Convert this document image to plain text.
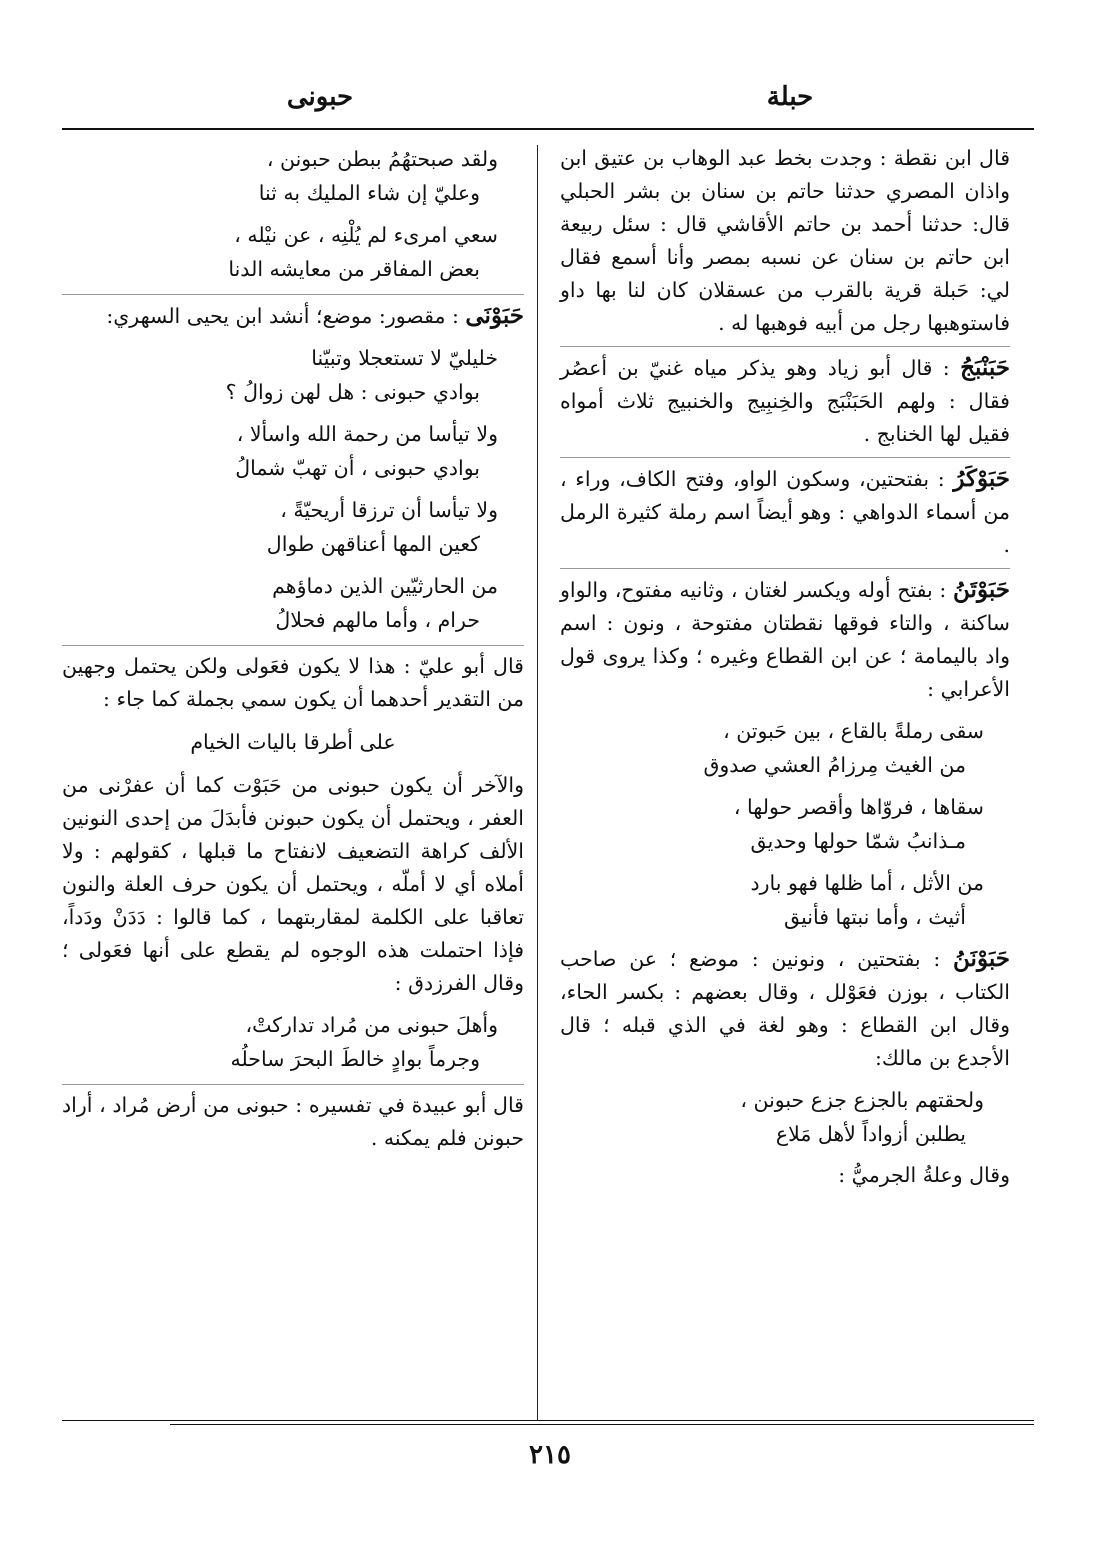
حبلة
حبونى

قال ابن نقطة : وجدت بخط عبد الوهاب بن عتيق ابن واذان المصري حدثنا حاتم بن سنان بن بشر الحبلي قال: حدثنا أحمد بن حاتم الأقاشي قال : سئل ربيعة ابن حاتم بن سنان عن نسبه بمصر وأنا أسمع فقال لي: حَبلة قرية بالقرب من عسقلان كان لنا بها داو فاستوهبها رجل من أبيه فوهبها له .

حَبَنْبَجُ : قال أبو زياد وهو يذكر مياه غنيّ بن أعصُر فقال : ولهم الحَبَنْبَج والخِنبِيج والخنبيج ثلاث أمواه فقيل لها الخنابج .

حَبَوْكَرُ : بفتحتين، وسكون الواو، وفتح الكاف، وراء ، من أسماء الدواهي : وهو أيضاً اسم رملة كثيرة الرمل .

حَبَوْتَنُ : بفتح أوله ويكسر لغتان ، وثانيه مفتوح، والواو ساكنة ، والتاء فوقها نقطتان مفتوحة ، ونون : اسم واد باليمامة ؛ عن ابن القطاع وغيره ؛ وكذا يروى قول الأعرابي :

سقى رملةً بالقاع ، بين حَبوتن ،
من الغيث مِرزامُ العشي صدوق
سقاها ، فروّاها وأقصر حولها ،
مـذانبُ شمّا حولها وحديق
من الأثل ، أما ظلها فهو بارد
أثيث ، وأما نبتها فأنيق

حَبَوْنَنُ : بفتحتين ، ونونين : موضع ؛ عن صاحب الكتاب ، بوزن فعَوْلل ، وقال بعضهم : بكسر الحاء، وقال ابن القطاع : وهو لغة في الذي قبله ؛ قال الأجدع بن مالك:

ولحقتهم بالجزع جزع حبونن ،
يطلبن أزواداً لأهل مَلاع

وقال وعلةُ الجرميُّ :

ولقد صبحتهُمُ ببطن حبونن ،
وعليّ إن شاء المليك به ثنا
سعي امرىء لم يُلْنِه ، عن نيْله ،
بعض المفاقر من معايشه الدنا

حَبَوْنَى : مقصور: موضع؛ أنشد ابن يحيى السهري:

خليليّ لا تستعجلا وتبيّنا
بوادي حبونى : هل لهن زوالُ ؟
ولا تيأسا من رحمة الله واسألا ،
بوادي حبونى ، أن تهبّ شمالُ
ولا تيأسا أن ترزقا أريحيّةً ،
كعين المها أعناقهن طوال
من الحارثيّين الذين دماؤهم
حرام ، وأما مالهم فحلالُ

قال أبو عليّ : هذا لا يكون فعَولى ولكن يحتمل وجهين من التقدير أحدهما أن يكون سمي بجملة كما جاء :

على أطرقا باليات الخيام

والآخر أن يكون حبونى من حَبَوْت كما أن عفرْنى من العفر ، ويحتمل أن يكون حبونن فأبدَلَ من إحدى النونين الألف كراهة التضعيف لانفتاح ما قبلها ، كقولهم : ولا أملاه أي لا أملّه ، ويحتمل أن يكون حرف العلة والنون تعاقبا على الكلمة لمقاربتهما ، كما قالوا : دَدَنْ ودَداً، فإذا احتملت هذه الوجوه لم يقطع على أنها فعَولى ؛ وقال الفرزدق :

وأهلَ حبونى من مُراد تداركتْ،
وجرماً بوادٍ خالطَ البحرَ ساحلُه

قال أبو عبيدة في تفسيره : حبونى من أرض مُراد ، أراد حبونن فلم يمكنه .

٢١٥
